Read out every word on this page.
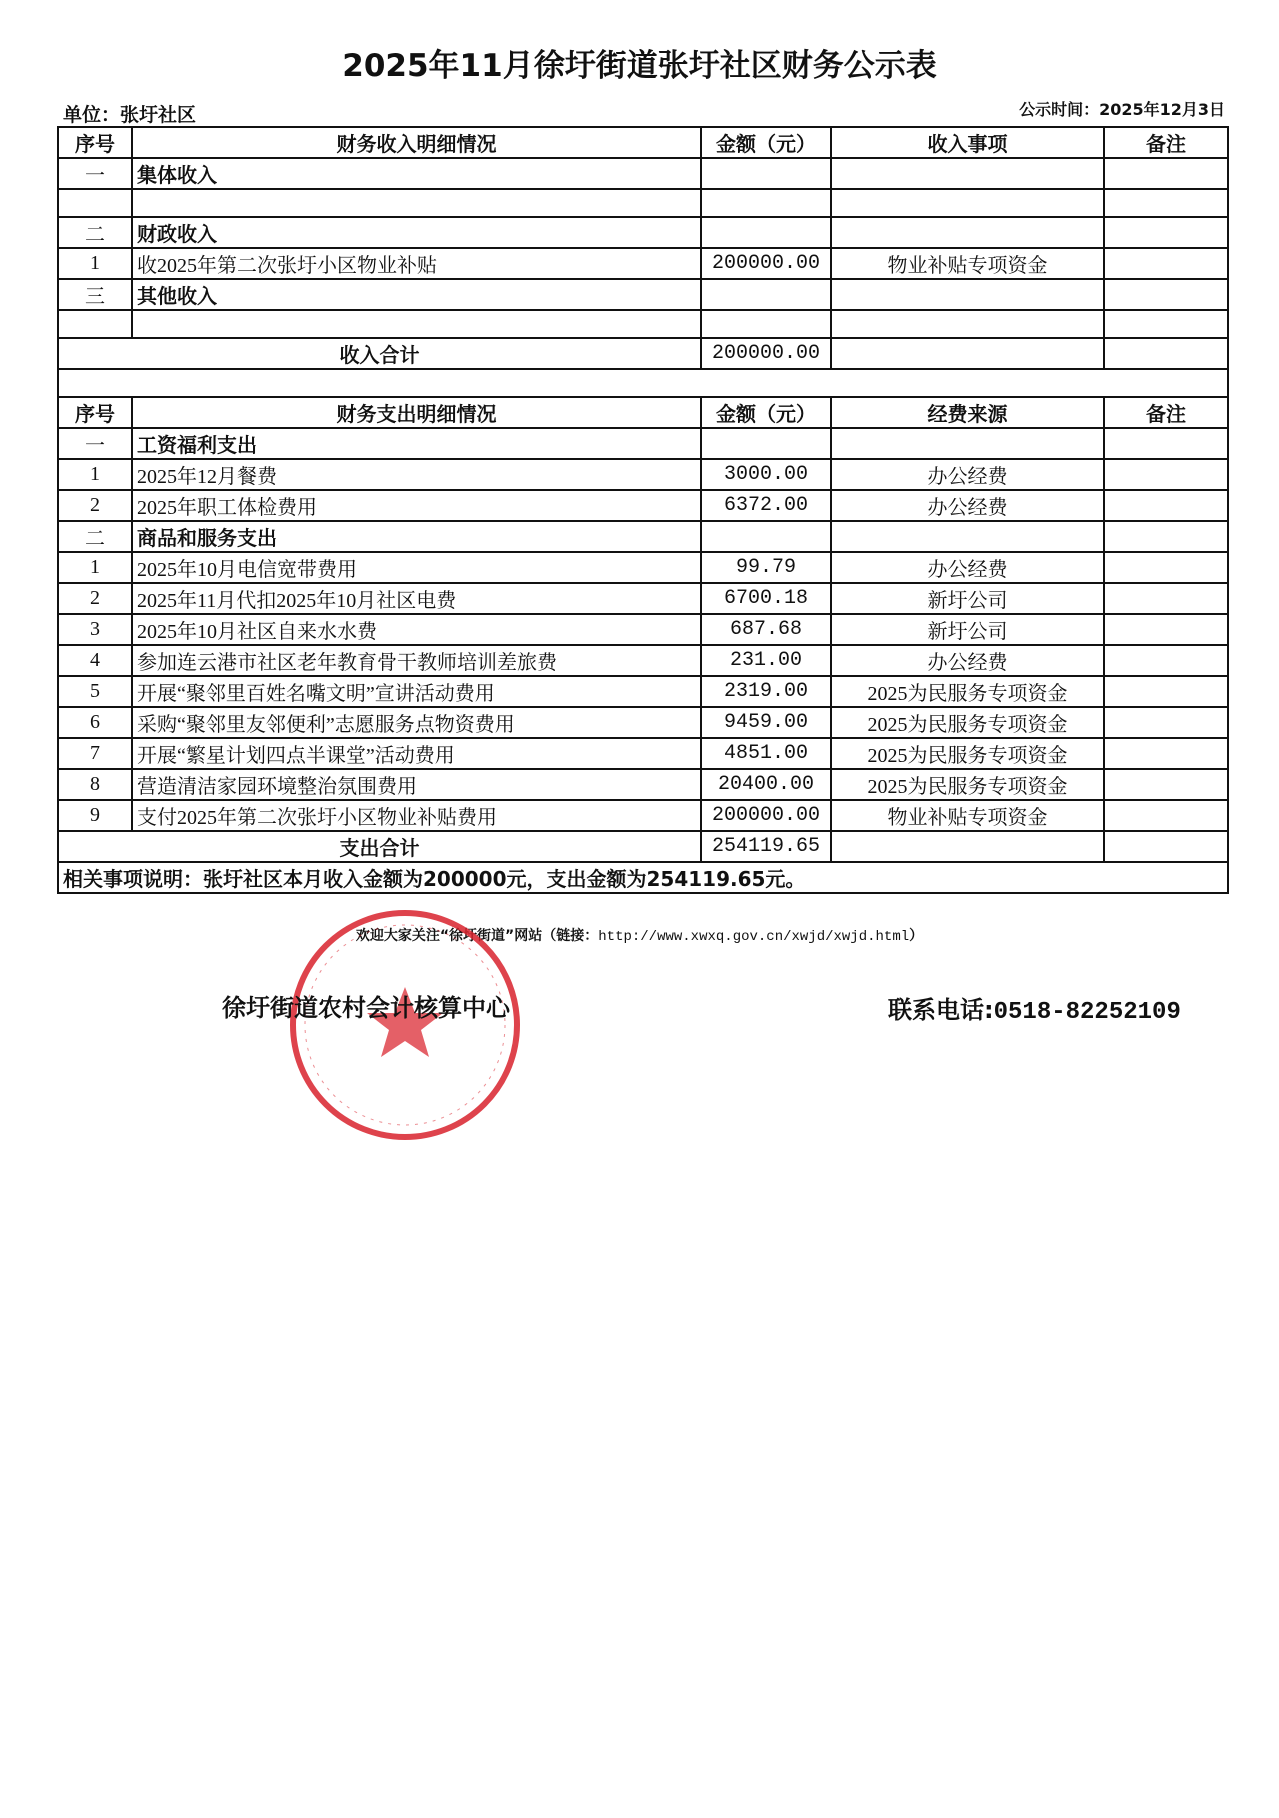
2025年11月徐圩街道张圩社区财务公示表
单位：张圩社区	公示时间：2025年12月3日
序号	财务收入明细情况	金额（元）	收入事项	备注
一	集体收入			

二	财政收入			
1	收2025年第二次张圩小区物业补贴	200000.00	物业补贴专项资金	
三	其他收入			

收入合计		200000.00		

序号	财务支出明细情况	金额（元）	经费来源	备注
一	工资福利支出			
1	2025年12月餐费	3000.00	办公经费	
2	2025年职工体检费用	6372.00	办公经费	
二	商品和服务支出			
1	2025年10月电信宽带费用	99.79	办公经费	
2	2025年11月代扣2025年10月社区电费	6700.18	新圩公司	
3	2025年10月社区自来水水费	687.68	新圩公司	
4	参加连云港市社区老年教育骨干教师培训差旅费	231.00	办公经费	
5	开展“聚邻里百姓名嘴文明”宣讲活动费用	2319.00	2025为民服务专项资金	
6	采购“聚邻里友邻便利”志愿服务点物资费用	9459.00	2025为民服务专项资金	
7	开展“繁星计划四点半课堂”活动费用	4851.00	2025为民服务专项资金	
8	营造清洁家园环境整治氛围费用	20400.00	2025为民服务专项资金	
9	支付2025年第二次张圩小区物业补贴费用	200000.00	物业补贴专项资金	
支出合计		254119.65		
相关事项说明：张圩社区本月收入金额为200000元，支出金额为254119.65元。				
欢迎大家关注“徐圩街道”网站（链接：http://www.xwxq.gov.cn/xwjd/xwjd.html）
徐圩街道农村会计核算中心	联系电话:0518-82252109
